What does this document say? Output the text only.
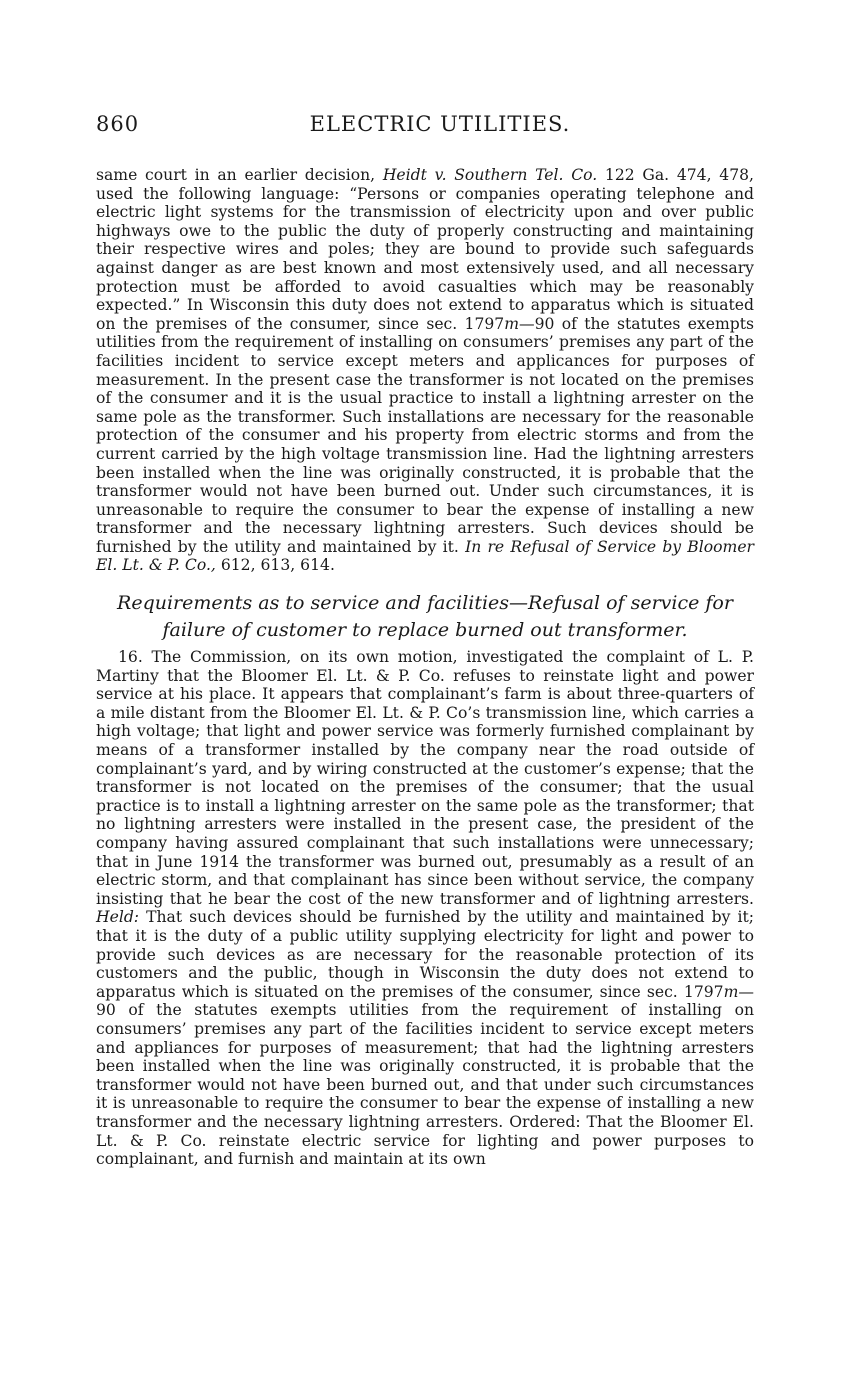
860	ELECTRIC UTILITIES.

same court in an earlier decision, Heidt v. Southern Tel. Co. 122 Ga. 474, 478, used the following language: “Persons or companies operating telephone and electric light systems for the transmission of electricity upon and over public highways owe to the public the duty of properly constructing and maintaining their respective wires and poles; they are bound to provide such safeguards against danger as are best known and most extensively used, and all necessary protection must be afforded to avoid casualties which may be reasonably expected.” In Wisconsin this duty does not extend to apparatus which is situated on the premises of the consumer, since sec. 1797m—90 of the statutes exempts utilities from the requirement of installing on consumers’ premises any part of the facilities incident to service except meters and applicances for purposes of measurement. In the present case the transformer is not located on the premises of the consumer and it is the usual practice to install a lightning arrester on the same pole as the transformer. Such installations are necessary for the reasonable protection of the consumer and his property from electric storms and from the current carried by the high voltage transmission line. Had the lightning arresters been installed when the line was originally constructed, it is probable that the transformer would not have been burned out. Under such circumstances, it is unreasonable to require the consumer to bear the expense of installing a new transformer and the necessary lightning arresters. Such devices should be furnished by the utility and maintained by it. In re Refusal of Service by Bloomer El. Lt. & P. Co., 612, 613, 614.

Requirements as to service and facilities—Refusal of service for
failure of customer to replace burned out transformer.

16. The Commission, on its own motion, investigated the complaint of L. P. Martiny that the Bloomer El. Lt. & P. Co. refuses to reinstate light and power service at his place. It appears that complainant’s farm is about three-quarters of a mile distant from the Bloomer El. Lt. & P. Co’s transmission line, which carries a high voltage; that light and power service was formerly furnished complainant by means of a transformer installed by the company near the road outside of complainant’s yard, and by wiring constructed at the customer’s expense; that the transformer is not located on the premises of the consumer; that the usual practice is to install a lightning arrester on the same pole as the transformer; that no lightning arresters were installed in the present case, the president of the company having assured complainant that such installations were unnecessary; that in June 1914 the transformer was burned out, presumably as a result of an electric storm, and that complainant has since been without service, the company insisting that he bear the cost of the new transformer and of lightning arresters. Held: That such devices should be furnished by the utility and maintained by it; that it is the duty of a public utility supplying electricity for light and power to provide such devices as are necessary for the reasonable protection of its customers and the public, though in Wisconsin the duty does not extend to apparatus which is situated on the premises of the consumer, since sec. 1797m—90 of the statutes exempts utilities from the requirement of installing on consumers’ premises any part of the facilities incident to service except meters and appliances for purposes of measurement; that had the lightning arresters been installed when the line was originally constructed, it is probable that the transformer would not have been burned out, and that under such circumstances it is unreasonable to require the consumer to bear the expense of installing a new transformer and the necessary lightning arresters. Ordered: That the Bloomer El. Lt. & P. Co. reinstate electric service for lighting and power purposes to complainant, and furnish and maintain at its own
